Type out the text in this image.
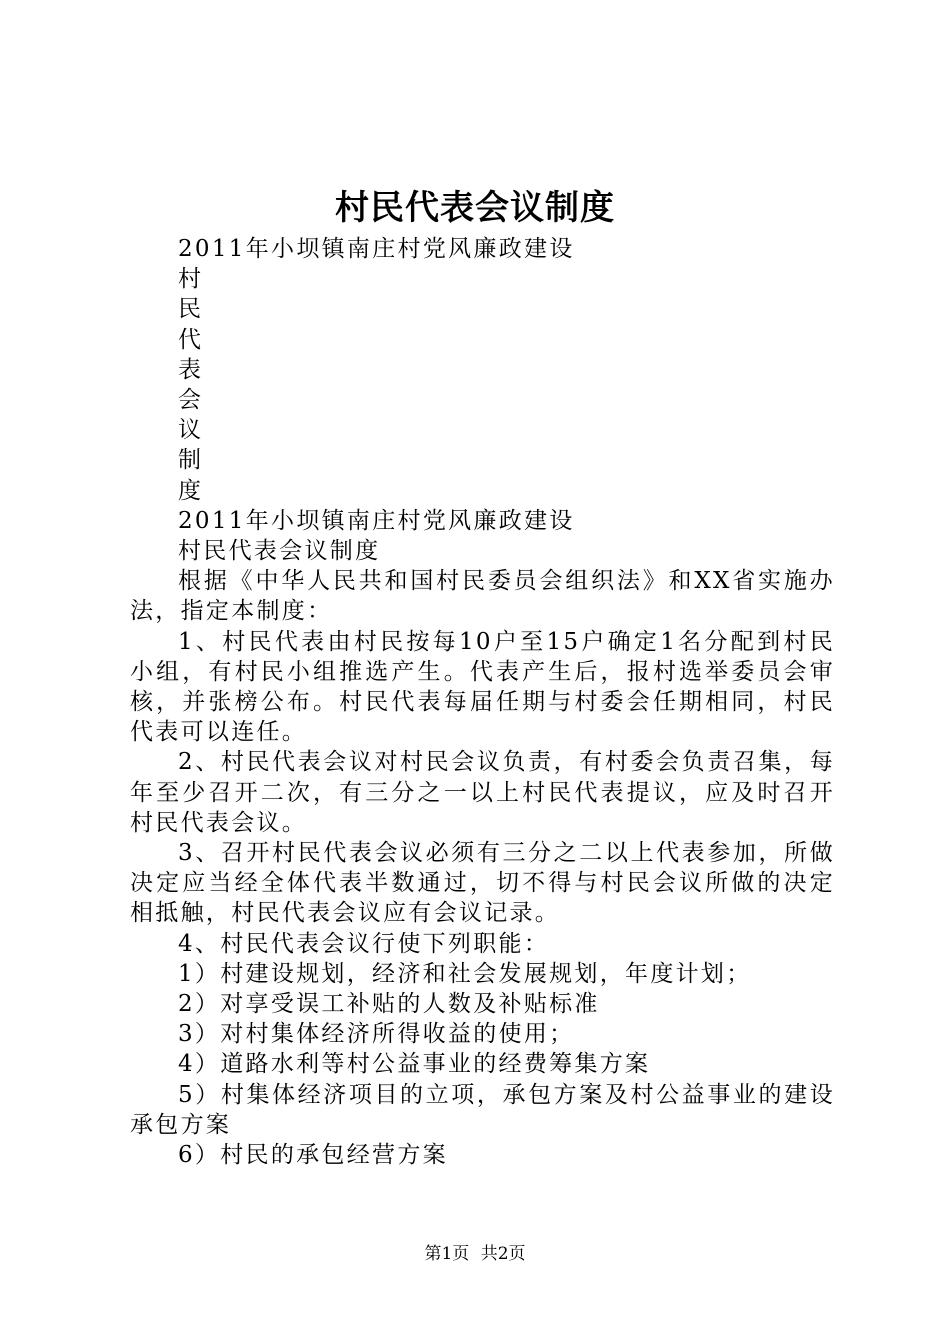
村民代表会议制度

2011年小坝镇南庄村党风廉政建设

村

民

代

表

会

议

制

度

2011年小坝镇南庄村党风廉政建设

村民代表会议制度

根据《中华人民共和国村民委员会组织法》和XX省实施办法，指定本制度：

1、村民代表由村民按每10户至15户确定1名分配到村民小组，有村民小组推选产生。代表产生后，报村选举委员会审核，并张榜公布。村民代表每届任期与村委会任期相同，村民代表可以连任。

2、村民代表会议对村民会议负责，有村委会负责召集，每年至少召开二次，有三分之一以上村民代表提议，应及时召开村民代表会议。

3、召开村民代表会议必须有三分之二以上代表参加，所做决定应当经全体代表半数通过，切不得与村民会议所做的决定相抵触，村民代表会议应有会议记录。

4、村民代表会议行使下列职能：

1）村建设规划，经济和社会发展规划，年度计划；

2）对享受误工补贴的人数及补贴标准

3）对村集体经济所得收益的使用；

4）道路水利等村公益事业的经费筹集方案

5）村集体经济项目的立项，承包方案及村公益事业的建设承包方案

6）村民的承包经营方案

第1页 共2页
